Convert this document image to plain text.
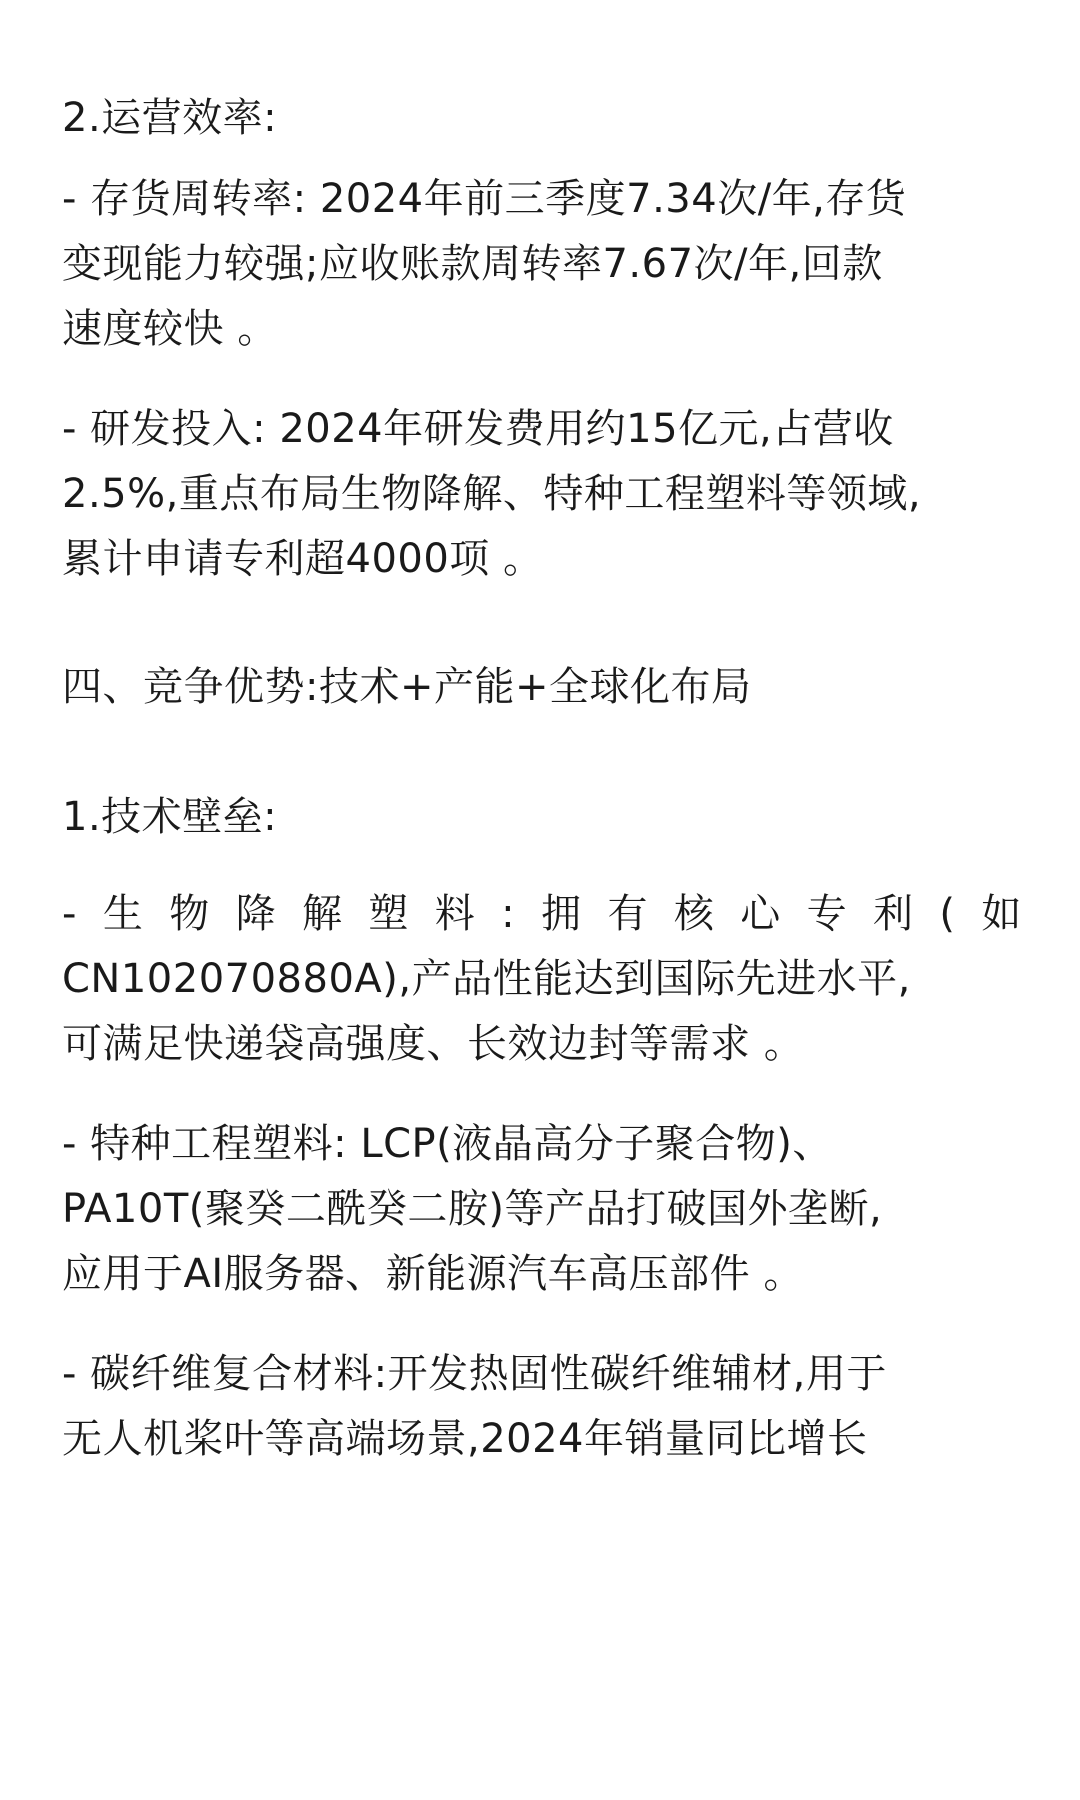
2.运营效率:
- 存货周转率: 2024年前三季度7.34次/年,存货
变现能力较强;应收账款周转率7.67次/年,回款
速度较快 。
- 研发投入: 2024年研发费用约15亿元,占营收
2.5%,重点布局生物降解、特种工程塑料等领域,
累计申请专利超4000项 。
四、竞争优势:技术+产能+全球化布局
1.技术壁垒:
- 生 物 降 解 塑 料 : 拥 有 核 心 专 利 ( 如
CN102070880A),产品性能达到国际先进水平,
可满足快递袋高强度、长效边封等需求 。
- 特种工程塑料: LCP(液晶高分子聚合物)、
PA10T(聚癸二酰癸二胺)等产品打破国外垄断,
应用于AI服务器、新能源汽车高压部件 。
- 碳纤维复合材料:开发热固性碳纤维辅材,用于
无人机桨叶等高端场景,2024年销量同比增长
